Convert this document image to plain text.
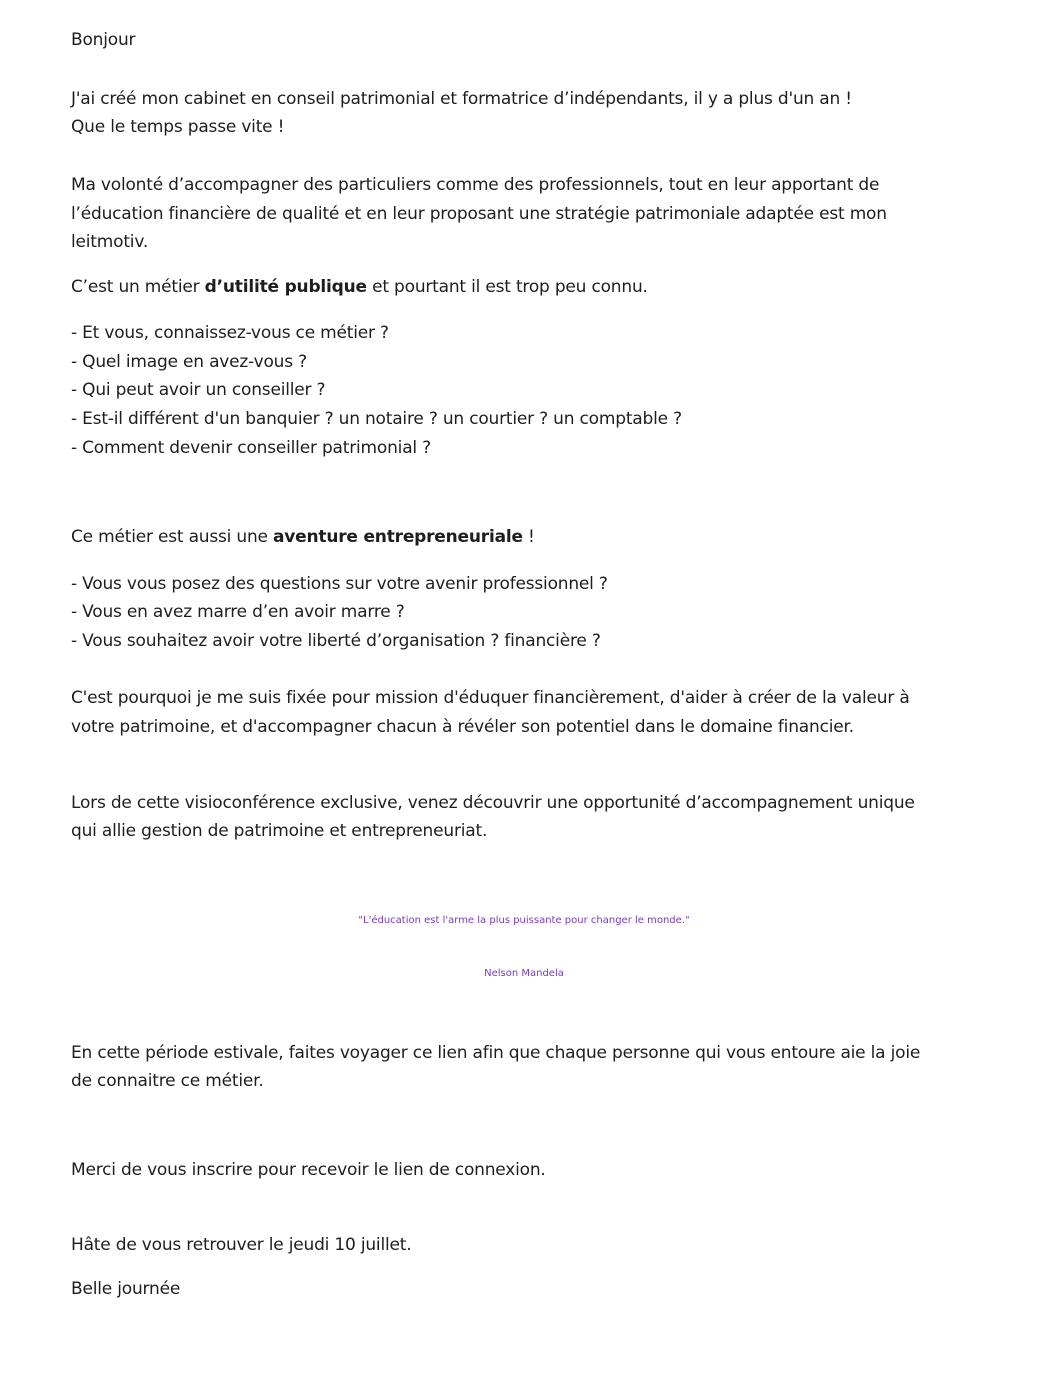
Bonjour
J'ai créé mon cabinet en conseil patrimonial et formatrice d’indépendants, il y a plus d'un an !
Que le temps passe vite !
Ma volonté d’accompagner des particuliers comme des professionnels, tout en leur apportant de
l’éducation financière de qualité et en leur proposant une stratégie patrimoniale adaptée est mon
leitmotiv.
C’est un métier d’utilité publique et pourtant il est trop peu connu.
- Et vous, connaissez-vous ce métier ?
- Quel image en avez-vous ?
- Qui peut avoir un conseiller ?
- Est-il différent d'un banquier ? un notaire ? un courtier ? un comptable ?
- Comment devenir conseiller patrimonial ?
Ce métier est aussi une aventure entrepreneuriale !
- Vous vous posez des questions sur votre avenir professionnel ?
- Vous en avez marre d’en avoir marre ?
- Vous souhaitez avoir votre liberté d’organisation ? financière ?
C'est pourquoi je me suis fixée pour mission d'éduquer financièrement, d'aider à créer de la valeur à
votre patrimoine, et d'accompagner chacun à révéler son potentiel dans le domaine financier.
Lors de cette visioconférence exclusive, venez découvrir une opportunité d’accompagnement unique
qui allie gestion de patrimoine et entrepreneuriat.
"L'éducation est l'arme la plus puissante pour changer le monde."
Nelson Mandela
En cette période estivale, faites voyager ce lien afin que chaque personne qui vous entoure aie la joie
de connaitre ce métier.
Merci de vous inscrire pour recevoir le lien de connexion.
Hâte de vous retrouver le jeudi 10 juillet.
Belle journée
